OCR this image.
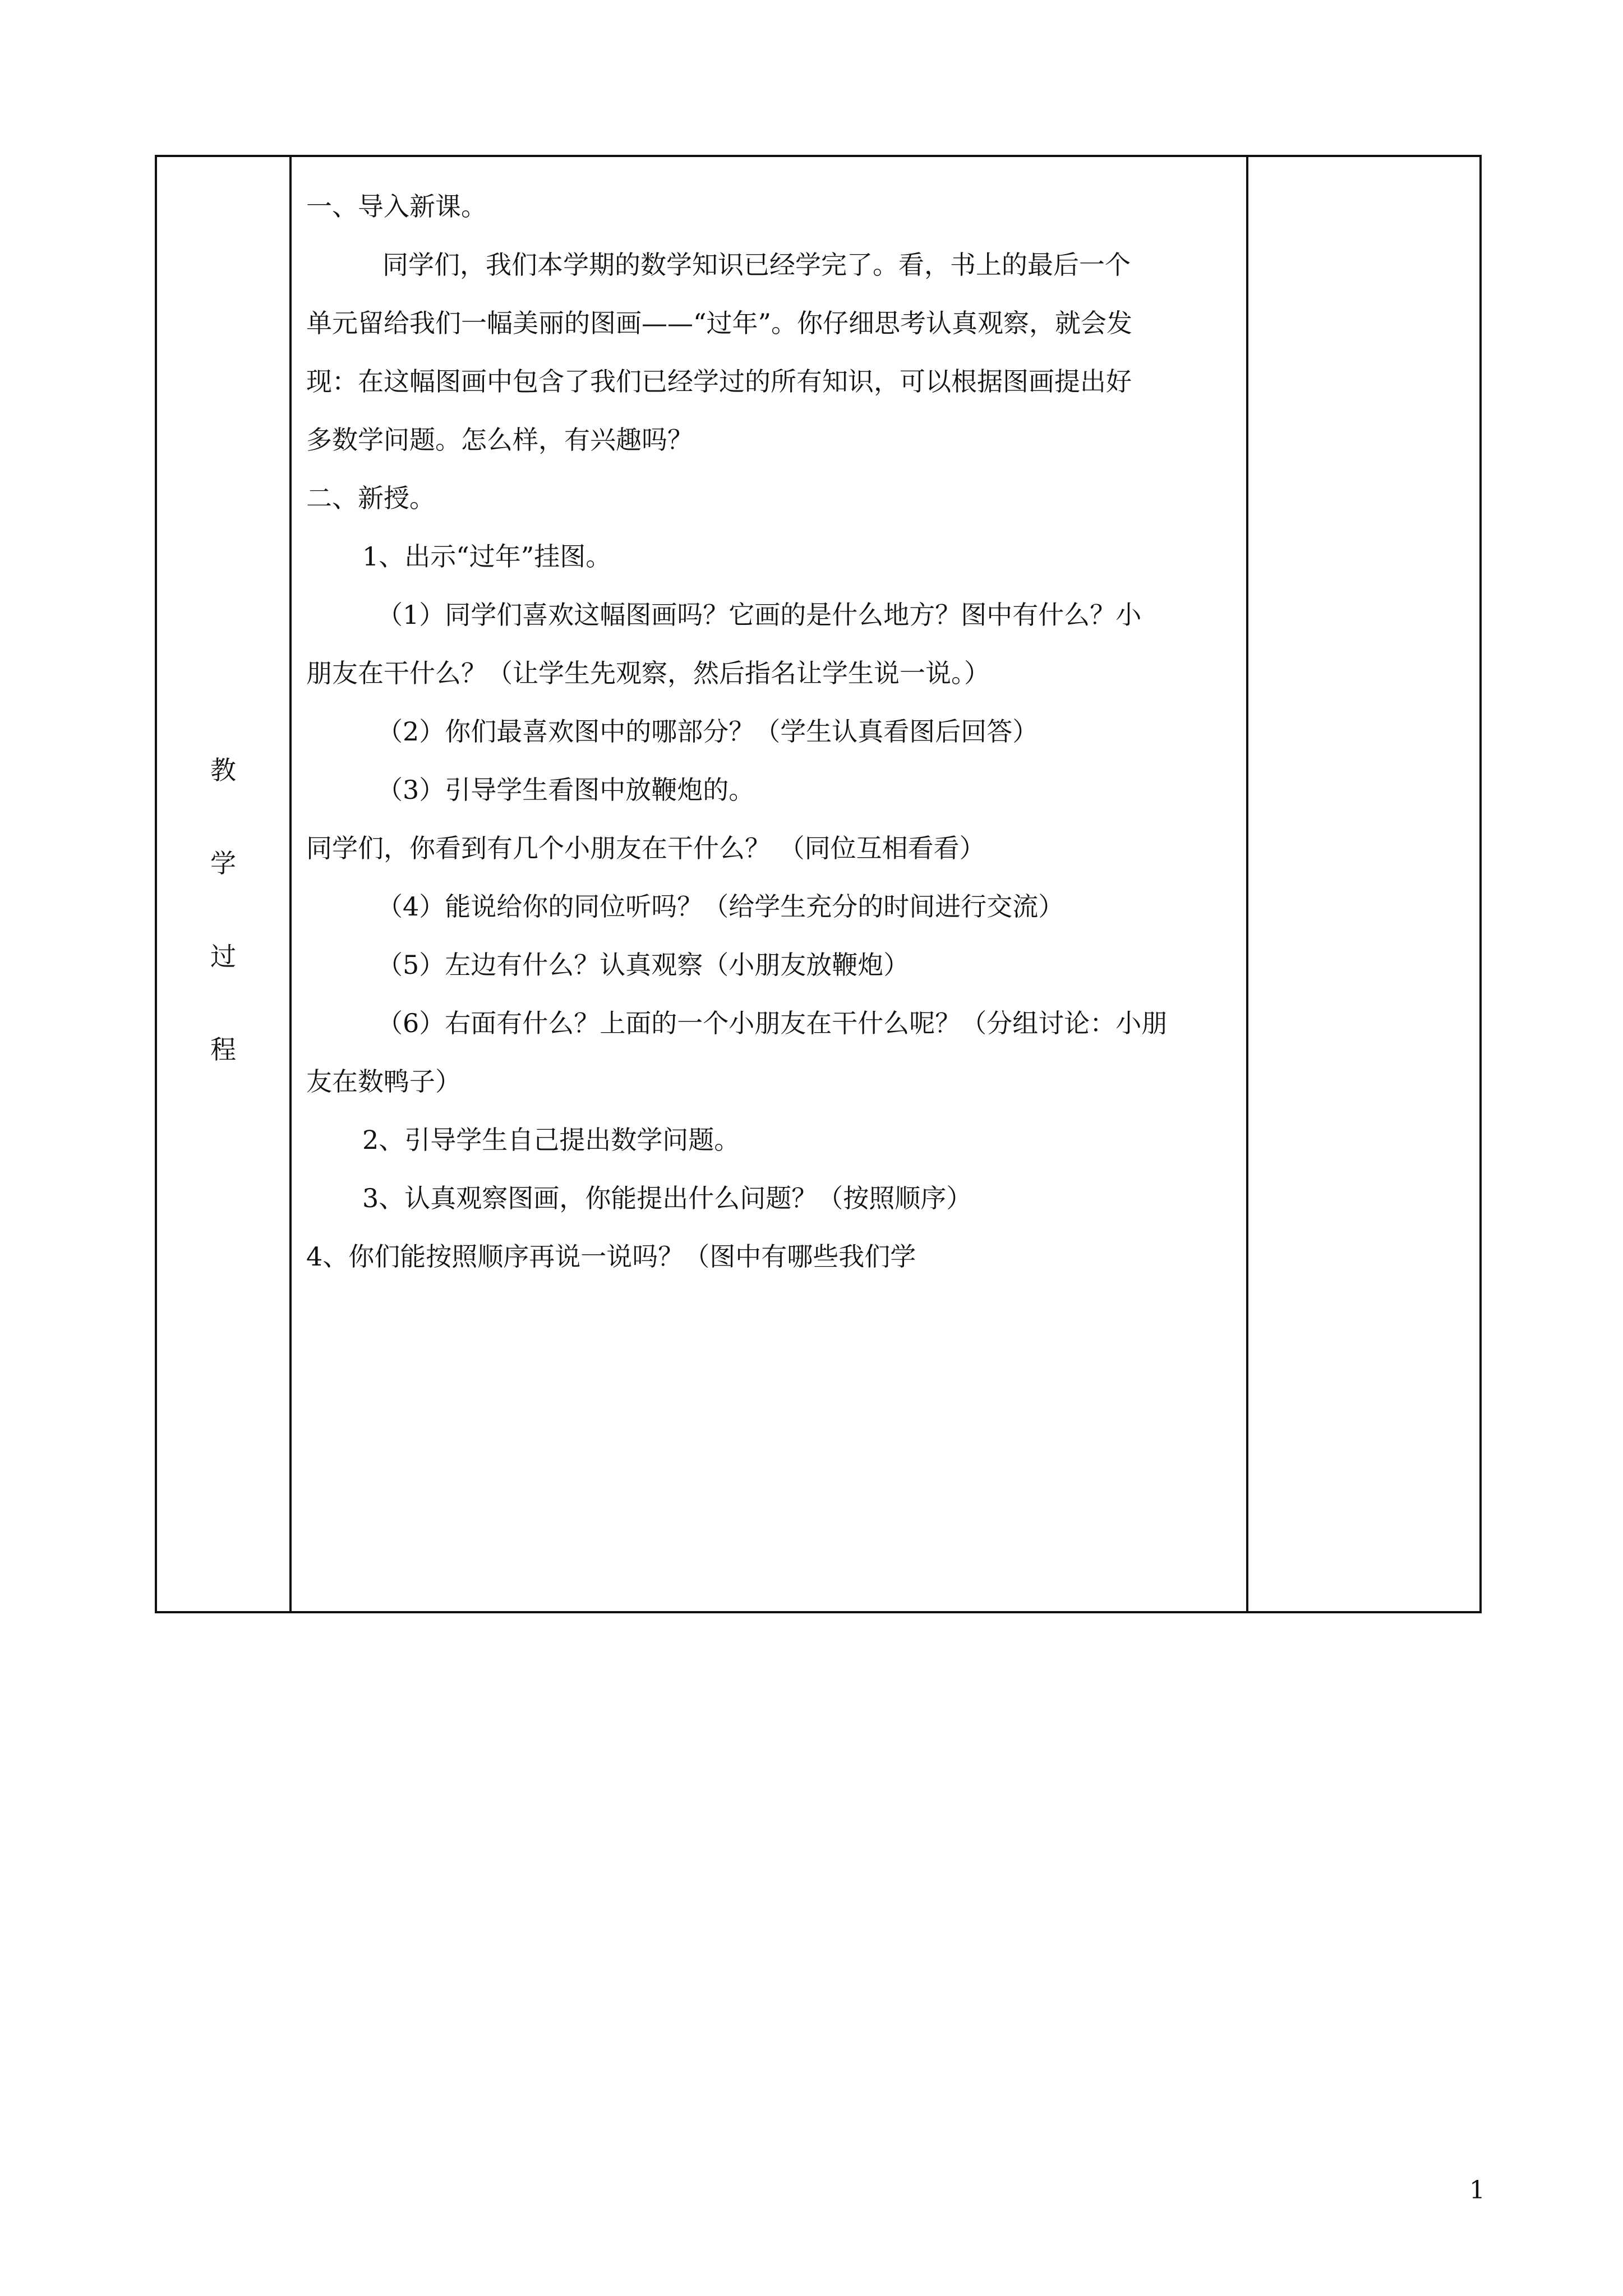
教
学
过
程
一、导入新课。
同学们，我们本学期的数学知识已经学完了。看，书上的最后一个
单元留给我们一幅美丽的图画——“过年”。你仔细思考认真观察，就会发
现：在这幅图画中包含了我们已经学过的所有知识，可以根据图画提出好
多数学问题。怎么样，有兴趣吗？
二、新授。
1、出示“过年”挂图。
（1）同学们喜欢这幅图画吗？它画的是什么地方？图中有什么？小
朋友在干什么？（让学生先观察，然后指名让学生说一说。）
（2）你们最喜欢图中的哪部分？（学生认真看图后回答）
（3）引导学生看图中放鞭炮的。
同学们，你看到有几个小朋友在干什么？ （同位互相看看）
（4）能说给你的同位听吗？（给学生充分的时间进行交流）
（5）左边有什么？认真观察（小朋友放鞭炮）
（6）右面有什么？上面的一个小朋友在干什么呢？（分组讨论：小朋
友在数鸭子）
2、引导学生自己提出数学问题。
3、认真观察图画，你能提出什么问题？（按照顺序）
4、你们能按照顺序再说一说吗？（图中有哪些我们学
1
